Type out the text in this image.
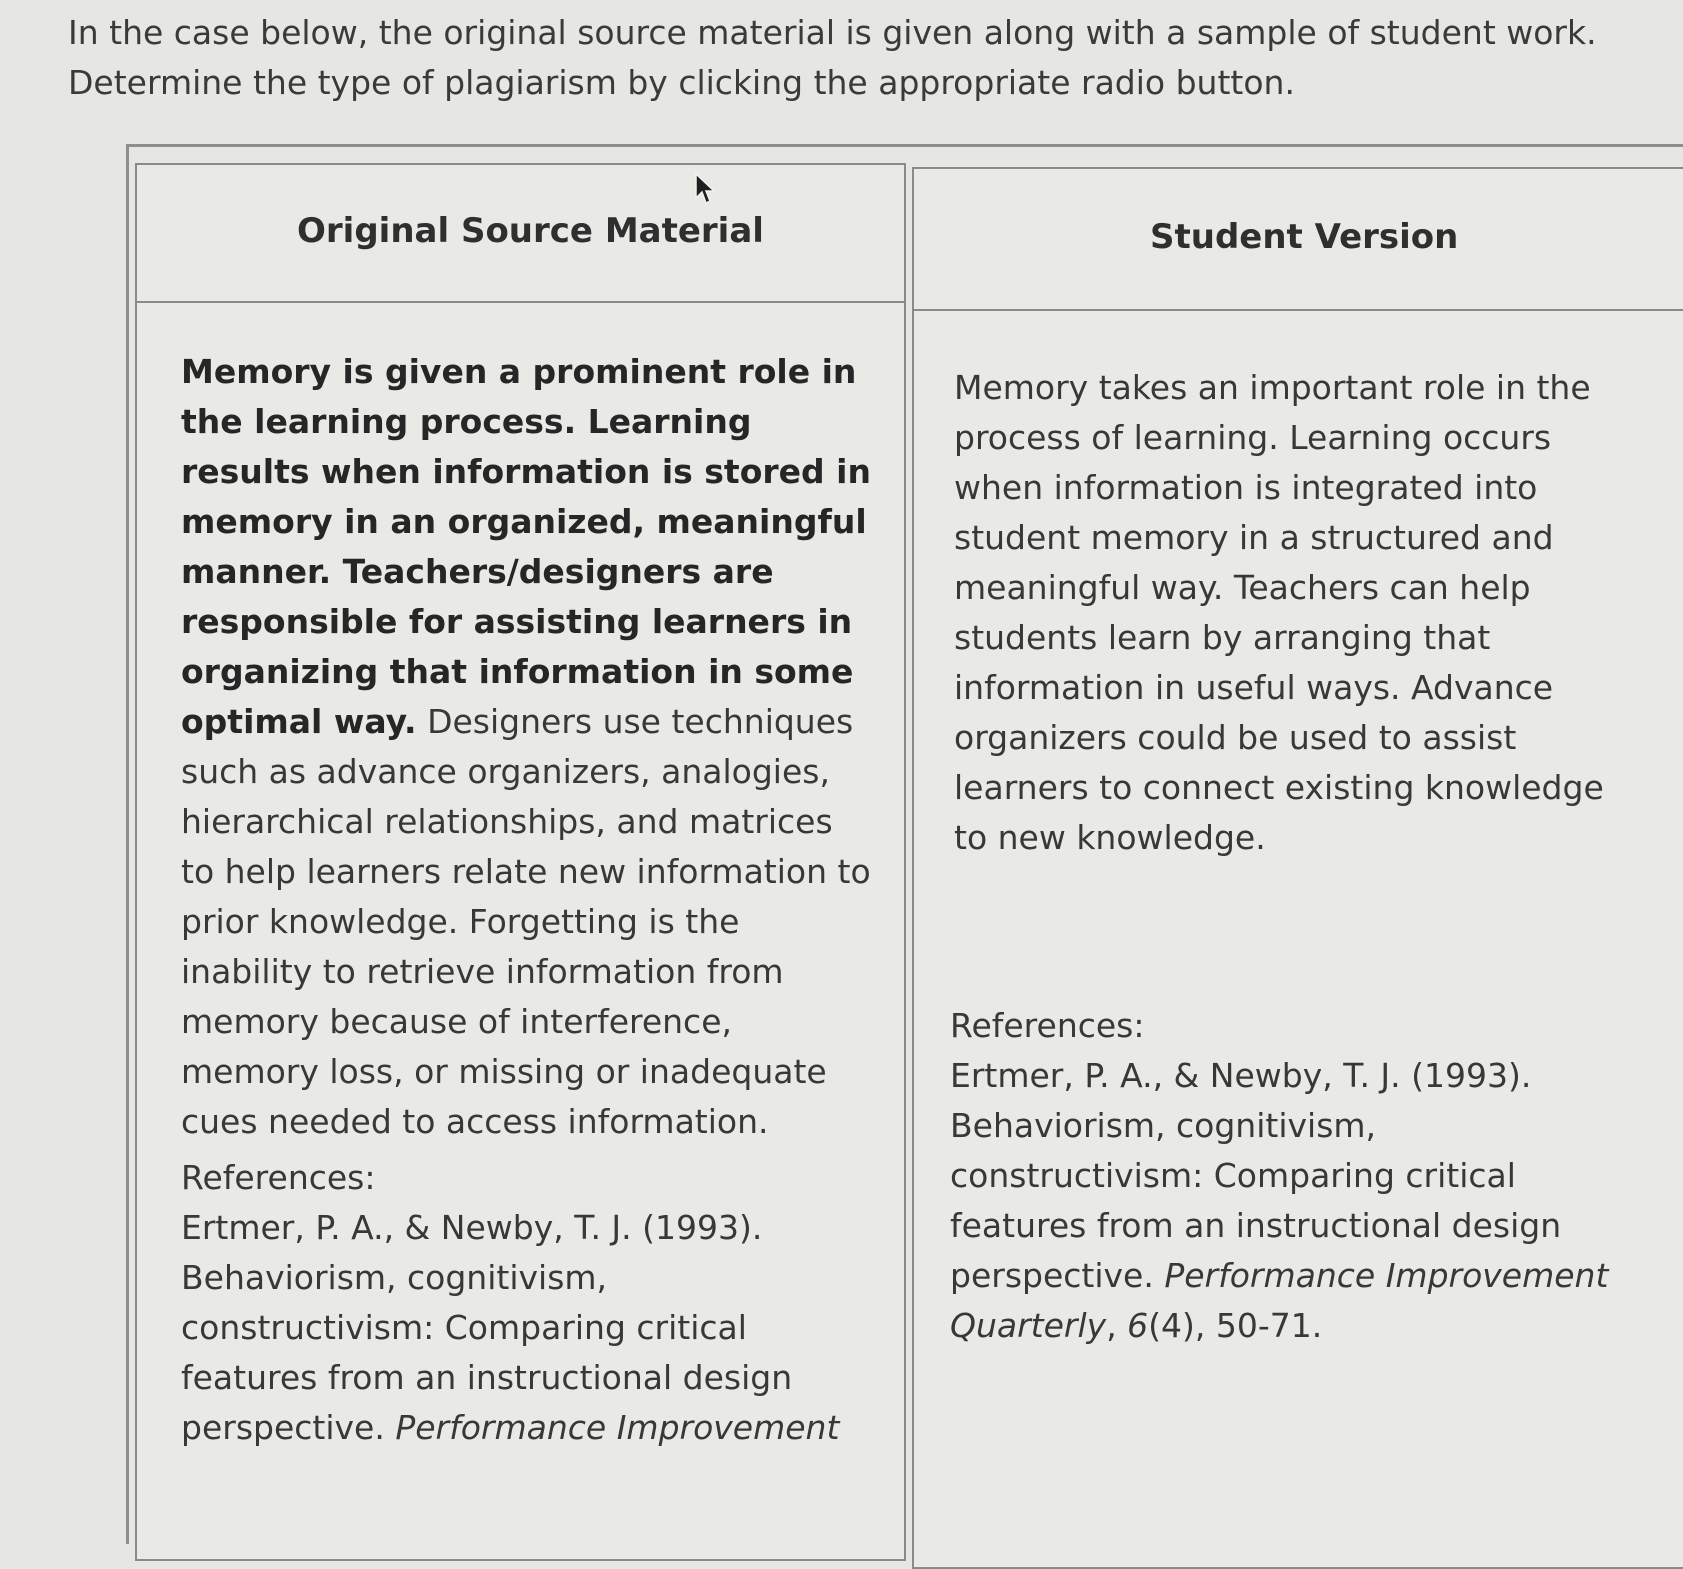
In the case below, the original source material is given along with a sample of student work. Determine the type of plagiarism by clicking the appropriate radio button.

Original Source Material	Student Version

Memory is given a prominent role in the learning process. Learning results when information is stored in memory in an organized, meaningful manner. Teachers/designers are responsible for assisting learners in organizing that information in some optimal way. Designers use techniques such as advance organizers, analogies, hierarchical relationships, and matrices to help learners relate new information to prior knowledge. Forgetting is the inability to retrieve information from memory because of interference, memory loss, or missing or inadequate cues needed to access information.

References:
Ertmer, P. A., & Newby, T. J. (1993). Behaviorism, cognitivism, constructivism: Comparing critical features from an instructional design perspective. Performance Improvement

Memory takes an important role in the process of learning. Learning occurs when information is integrated into student memory in a structured and meaningful way. Teachers can help students learn by arranging that information in useful ways. Advance organizers could be used to assist learners to connect existing knowledge to new knowledge.

References:
Ertmer, P. A., & Newby, T. J. (1993). Behaviorism, cognitivism, constructivism: Comparing critical features from an instructional design perspective. Performance Improvement Quarterly, 6(4), 50-71.
